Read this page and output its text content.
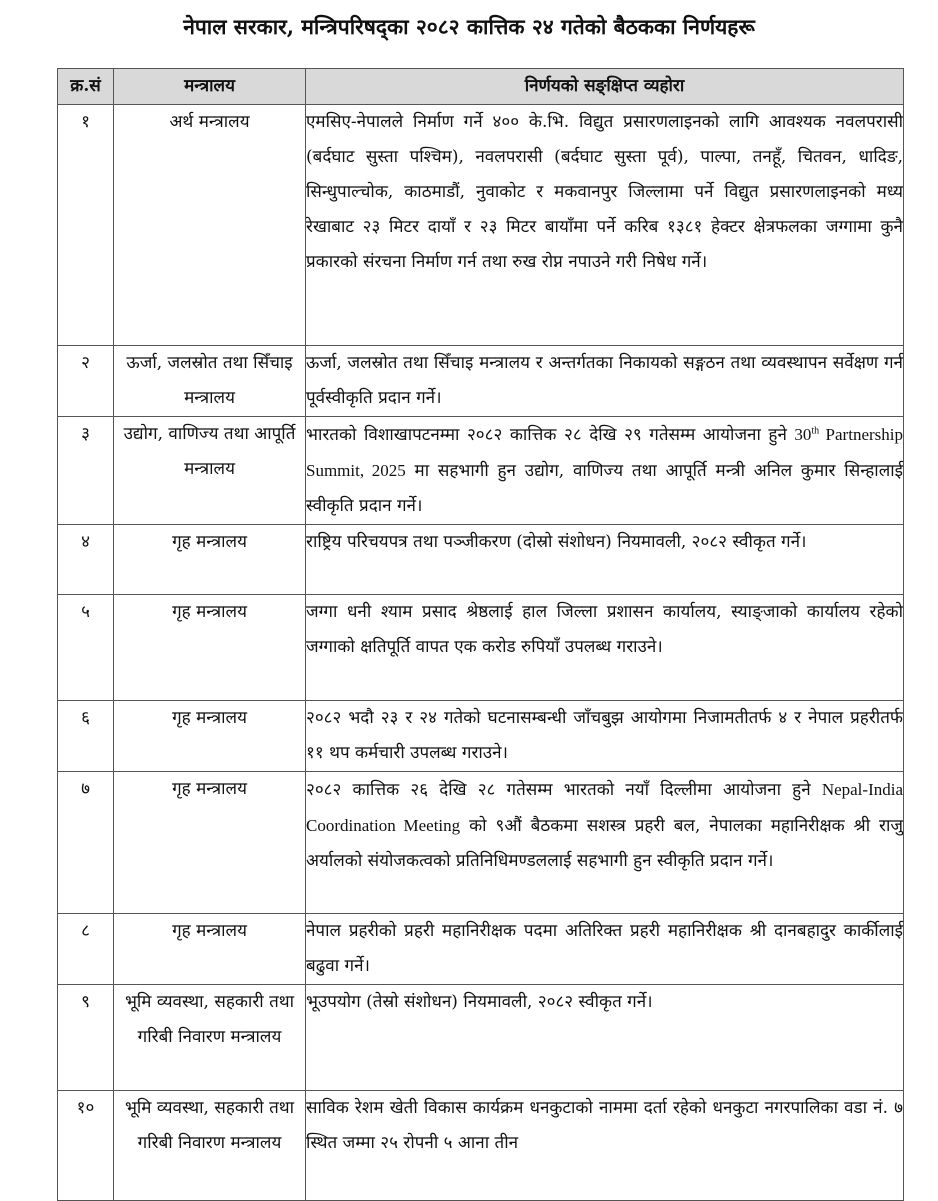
नेपाल सरकार, मन्त्रिपरिषद्का २०८२ कात्तिक २४ गतेको बैठकका निर्णयहरू
क्र.सं	मन्त्रालय	निर्णयको सङ्क्षिप्त व्यहोरा
१	अर्थ मन्त्रालय	एमसिए-नेपालले निर्माण गर्ने ४०० के.भि. विद्युत प्रसारणलाइनको लागि आवश्यक नवलपरासी (बर्दघाट सुस्ता पश्चिम), नवलपरासी (बर्दघाट सुस्ता पूर्व), पाल्पा, तनहूँ, चितवन, धादिङ, सिन्धुपाल्चोक, काठमाडौं, नुवाकोट र मकवानपुर जिल्लामा पर्ने विद्युत प्रसारणलाइनको मध्य रेखाबाट २३ मिटर दायाँ र २३ मिटर बायाँमा पर्ने करिब १३८१ हेक्टर क्षेत्रफलका जग्गामा कुनै प्रकारको संरचना निर्माण गर्न तथा रुख रोप्न नपाउने गरी निषेध गर्ने।
२	ऊर्जा, जलस्रोत तथा सिँचाइ मन्त्रालय	ऊर्जा, जलस्रोत तथा सिँचाइ मन्त्रालय र अन्तर्गतका निकायको सङ्गठन तथा व्यवस्थापन सर्वेक्षण गर्न पूर्वस्वीकृति प्रदान गर्ने।
३	उद्योग, वाणिज्य तथा आपूर्ति मन्त्रालय	भारतको विशाखापटनम्मा २०८२ कात्तिक २८ देखि २९ गतेसम्म आयोजना हुने 30th Partnership Summit, 2025 मा सहभागी हुन उद्योग, वाणिज्य तथा आपूर्ति मन्त्री अनिल कुमार सिन्हालाई स्वीकृति प्रदान गर्ने।
४	गृह मन्त्रालय	राष्ट्रिय परिचयपत्र तथा पञ्जीकरण (दोस्रो संशोधन) नियमावली, २०८२ स्वीकृत गर्ने।
५	गृह मन्त्रालय	जग्गा धनी श्याम प्रसाद श्रेष्ठलाई हाल जिल्ला प्रशासन कार्यालय, स्याङ्जाको कार्यालय रहेको जग्गाको क्षतिपूर्ति वापत एक करोड रुपियाँ उपलब्ध गराउने।
६	गृह मन्त्रालय	२०८२ भदौ २३ र २४ गतेको घटनासम्बन्धी जाँचबुझ आयोगमा निजामतीतर्फ ४ र नेपाल प्रहरीतर्फ ११ थप कर्मचारी उपलब्ध गराउने।
७	गृह मन्त्रालय	२०८२ कात्तिक २६ देखि २८ गतेसम्म भारतको नयाँ दिल्लीमा आयोजना हुने Nepal-India Coordination Meeting को ९औं बैठकमा सशस्त्र प्रहरी बल, नेपालका महानिरीक्षक श्री राजु अर्यालको संयोजकत्वको प्रतिनिधिमण्डललाई सहभागी हुन स्वीकृति प्रदान गर्ने।
८	गृह मन्त्रालय	नेपाल प्रहरीको प्रहरी महानिरीक्षक पदमा अतिरिक्त प्रहरी महानिरीक्षक श्री दानबहादुर कार्कीलाई बढुवा गर्ने।
९	भूमि व्यवस्था, सहकारी तथा गरिबी निवारण मन्त्रालय	भूउपयोग (तेस्रो संशोधन) नियमावली, २०८२ स्वीकृत गर्ने।
१०	भूमि व्यवस्था, सहकारी तथा गरिबी निवारण मन्त्रालय	साविक रेशम खेती विकास कार्यक्रम धनकुटाको नाममा दर्ता रहेको धनकुटा नगरपालिका वडा नं. ७ स्थित जम्मा २५ रोपनी ५ आना तीन
